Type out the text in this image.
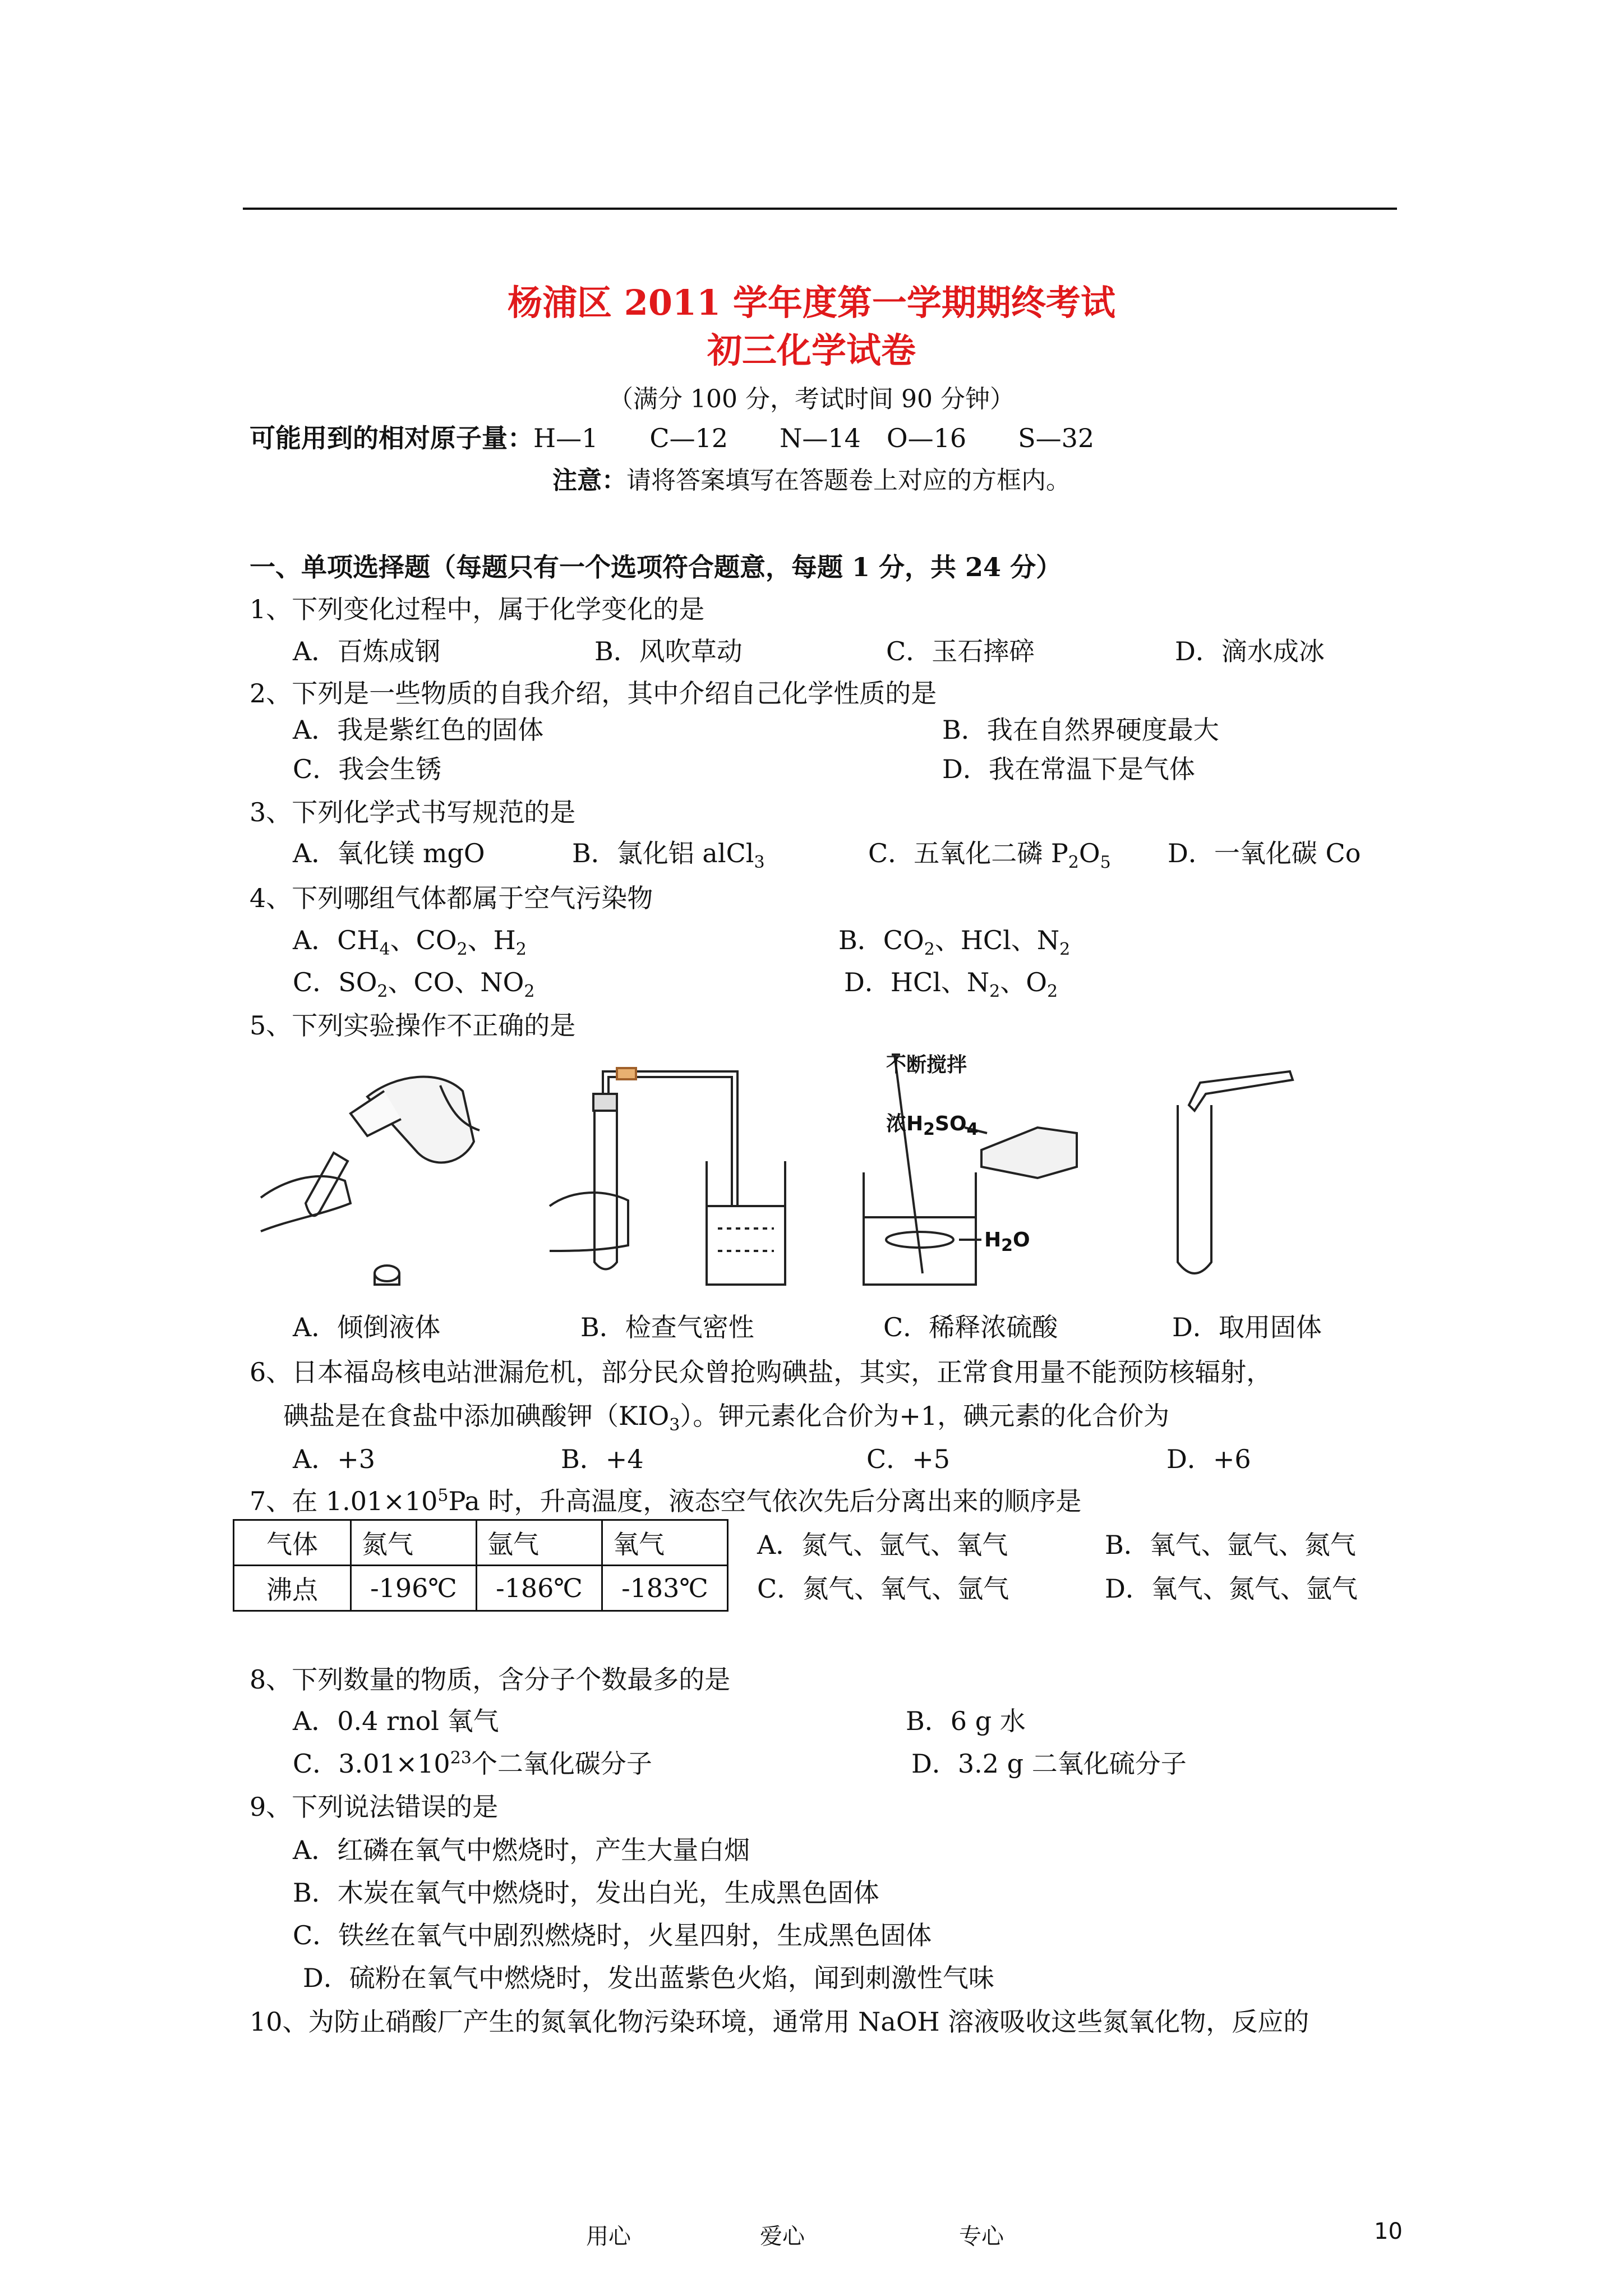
杨浦区 2011 学年度第一学期期终考试
初三化学试卷
（满分 100 分，考试时间 90 分钟）
可能用到的相对原子量：H—1　　C—12　　N—14　O—16　　S—32
注意：请将答案填写在答题卷上对应的方框内。
一、单项选择题（每题只有一个选项符合题意，每题 1 分，共 24 分）
1、下列变化过程中，属于化学变化的是
A．百炼成钢	B．风吹草动	C．玉石摔碎	D．滴水成冰
2、下列是一些物质的自我介绍，其中介绍自己化学性质的是
A．我是紫红色的固体	B．我在自然界硬度最大
C．我会生锈	D．我在常温下是气体
3、下列化学式书写规范的是
A．氧化镁 mgO	B．氯化铝 alCl$_3$	C．五氧化二磷 $P_2O_5$ D．一氧化碳 Co
4、下列哪组气体都属于空气污染物
A．$CH_4$、$CO_2$、$H_2$	B．$CO_2$、HCl、$N_2$
C．$SO_2$、CO、$NO_2$	D．HCl、$N_2$、$O_2$
5、下列实验操作不正确的是
不断搅拌
浓$H_2SO_4$
$H_2O$
A．倾倒液体	B．检查气密性	C．稀释浓硫酸	D．取用固体
6、日本福岛核电站泄漏危机，部分民众曾抢购碘盐，其实，正常食用量不能预防核辐射，
碘盐是在食盐中添加碘酸钾$(KIO_3)$。钾元素化合价为+1，碘元素的化合价为
A．+3	B．+4	C．+5	D．+6
7、在 $1.01\times 10^5Pa$ 时，升高温度，液态空气依次先后分离出来的顺序是
气体	氮气	氩气	氧气
沸点	-196℃	-186℃	-183℃
A．氮气、氩气、氧气	B．氧气、氩气、氮气
C．氮气、氧气、氩气	D．氧气、氮气、氩气
8、下列数量的物质，含分子个数最多的是
A．0.4 rnol 氧气	B．6 g 水
C．$3.01\times 10^{23}$个二氧化碳分子	D．3.2 g 二氧化硫分子
9、下列说法错误的是
A．红磷在氧气中燃烧时，产生大量白烟
B．木炭在氧气中燃烧时，发出白光，生成黑色固体
C．铁丝在氧气中剧烈燃烧时，火星四射，生成黑色固体
D．硫粉在氧气中燃烧时，发出蓝紫色火焰，闻到刺激性气味
10、为防止硝酸厂产生的氮氧化物污染环境，通常用 NaOH 溶液吸收这些氮氧化物，反应的
用心	爱心	专心	10
